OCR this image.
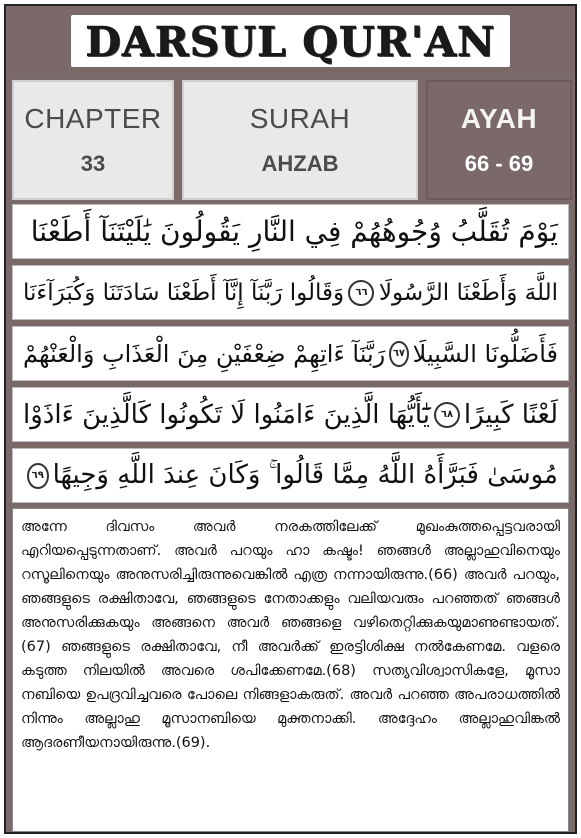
DARSUL QUR'AN
CHAPTER
33
SURAH
AHZAB
AYAH
66 - 69
يَوْمَ تُقَلَّبُ وُجُوهُهُمْ فِي النَّارِ يَقُولُونَ يَٰلَيْتَنَآ أَطَعْنَا
اللَّهَ وَأَطَعْنَا الرَّسُولَا
٦٦
وَقَالُوا رَبَّنَآ إِنَّآ أَطَعْنَا سَادَتَنَا وَكُبَرَآءَنَا
فَأَضَلُّونَا السَّبِيلَا
٦٧
رَبَّنَآ ءَاتِهِمْ ضِعْفَيْنِ مِنَ الْعَذَابِ وَالْعَنْهُمْ
لَعْنًا كَبِيرًا
٦٨
يَٰٓأَيُّهَا الَّذِينَ ءَامَنُوا لَا تَكُونُوا كَالَّذِينَ ءَاذَوْا
مُوسَىٰ فَبَرَّأَهُ اللَّهُ مِمَّا قَالُوا ۚ وَكَانَ عِندَ اللَّهِ وَجِيهًا
٦٩
അന്നേ ദിവസം അവർ നരകത്തിലേക്ക് മുഖംകുത്തപ്പെട്ടവരായി എറിയപ്പെടുന്നതാണ്. അവർ പറയും ഹാ കഷ്ടം! ഞങ്ങൾ അല്ലാഹുവിനെയും റസൂലിനെയും അനുസരിച്ചിരുന്നുവെങ്കിൽ എത്ര നന്നായിരുന്നു.(66) അവർ പറയും, ഞങ്ങളുടെ രക്ഷിതാവേ, ഞങ്ങളുടെ നേതാക്കളും വലിയവരും പറഞ്ഞത് ഞങ്ങൾ അനുസരിക്കുകയും അങ്ങനെ അവർ ഞങ്ങളെ വഴിതെറ്റിക്കുകയുമാണുണ്ടായത്.(67) ഞങ്ങളുടെ രക്ഷിതാവേ, നീ അവർക്ക് ഇരട്ടിശിക്ഷ നൽകേണമേ. വളരെ കടുത്ത നിലയിൽ അവരെ ശപിക്കേണമേ.(68) സത്യവിശ്വാസികളേ, മൂസാ നബിയെ ഉപദ്രവിച്ചവരെ പോലെ നിങ്ങളാകരുത്. അവർ പറഞ്ഞ അപരാധത്തിൽ നിന്നും അല്ലാഹു മൂസാനബിയെ മുക്തനാക്കി. അദ്ദേഹം അല്ലാഹുവിങ്കൽ ആദരണീയനായിരുന്നു.(69).
